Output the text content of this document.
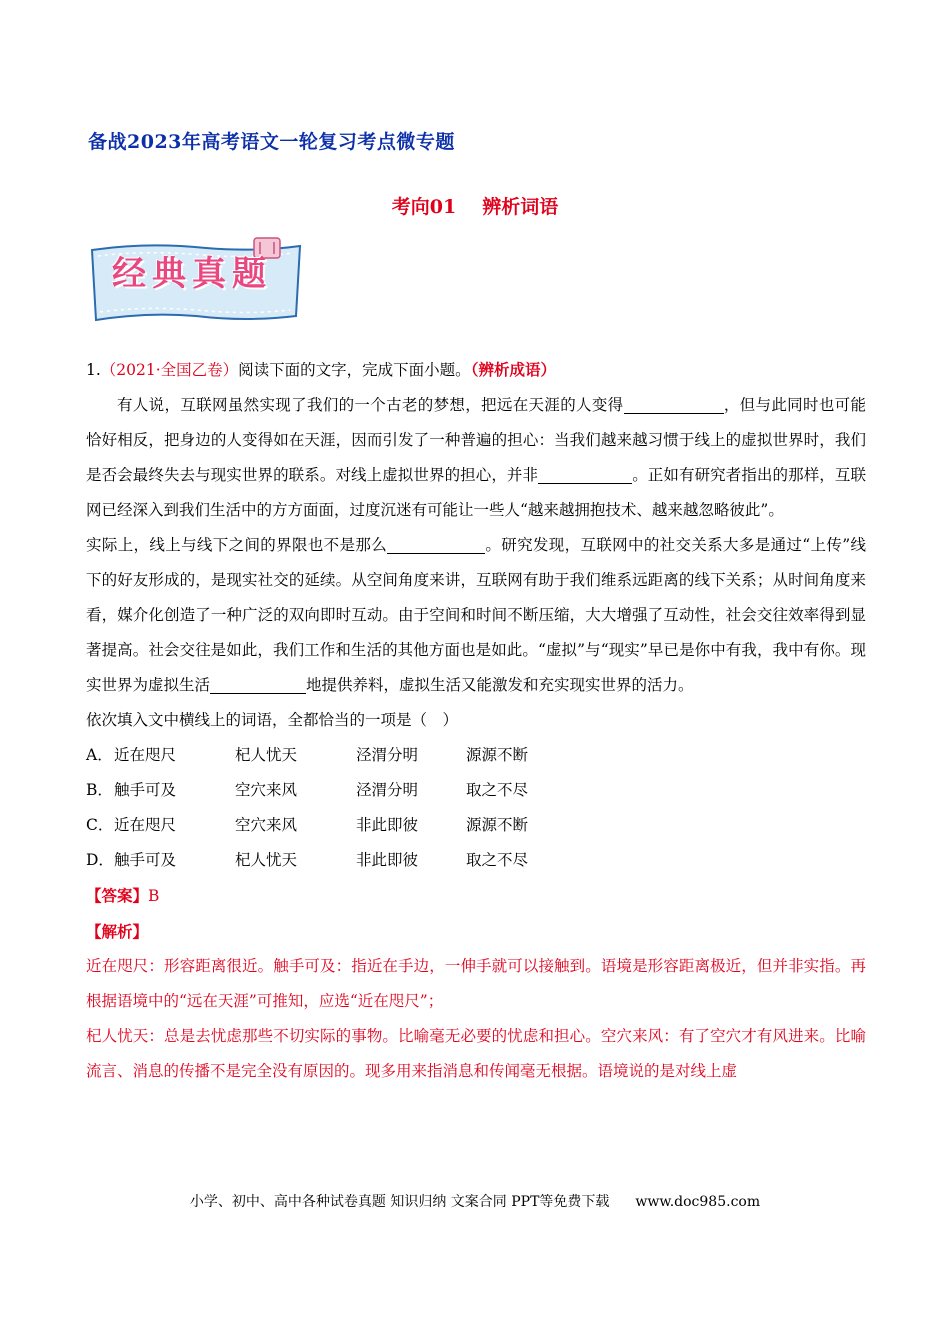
备战2023年高考语文一轮复习考点微专题
考向01 辨析词语
经典真题

1.（2021·全国乙卷）阅读下面的文字，完成下面小题。（辨析成语）

有人说，互联网虽然实现了我们的一个古老的梦想，把远在天涯的人变得	，但与此同时也可能恰好相反，把身边的人变得如在天涯，因而引发了一种普遍的担心：当我们越来越习惯于线上的虚拟世界时，我们是否会最终失去与现实世界的联系。对线上虚拟世界的担心，并非	。正如有研究者指出的那样，互联网已经深入到我们生活中的方方面面，过度沉迷有可能让一些人“越来越拥抱技术、越来越忽略彼此”。

实际上，线上与线下之间的界限也不是那么	。研究发现，互联网中的社交关系大多是通过“上传”线下的好友形成的，是现实社交的延续。从空间角度来讲，互联网有助于我们维系远距离的线下关系；从时间角度来看，媒介化创造了一种广泛的双向即时互动。由于空间和时间不断压缩，大大增强了互动性，社会交往效率得到显著提高。社会交往是如此，我们工作和生活的其他方面也是如此。“虚拟”与“现实”早已是你中有我，我中有你。现实世界为虚拟生活	地提供养料，虚拟生活又能激发和充实现实世界的活力。

依次填入文中横线上的词语，全都恰当的一项是（　）

A．近在咫尺	杞人忧天	泾渭分明	源源不断

B．触手可及	空穴来风	泾渭分明	取之不尽

C．近在咫尺	空穴来风	非此即彼	源源不断

D．触手可及	杞人忧天	非此即彼	取之不尽

【答案】B

【解析】

近在咫尺：形容距离很近。触手可及：指近在手边，一伸手就可以接触到。语境是形容距离极近，但并非实指。再根据语境中的“远在天涯”可推知，应选“近在咫尺”；

杞人忧天：总是去忧虑那些不切实际的事物。比喻毫无必要的忧虑和担心。空穴来风：有了空穴才有风进来。比喻流言、消息的传播不是完全没有原因的。现多用来指消息和传闻毫无根据。语境说的是对线上虚

小学、初中、高中各种试卷真题 知识归纳 文案合同 PPT等免费下载 www.doc985.com
